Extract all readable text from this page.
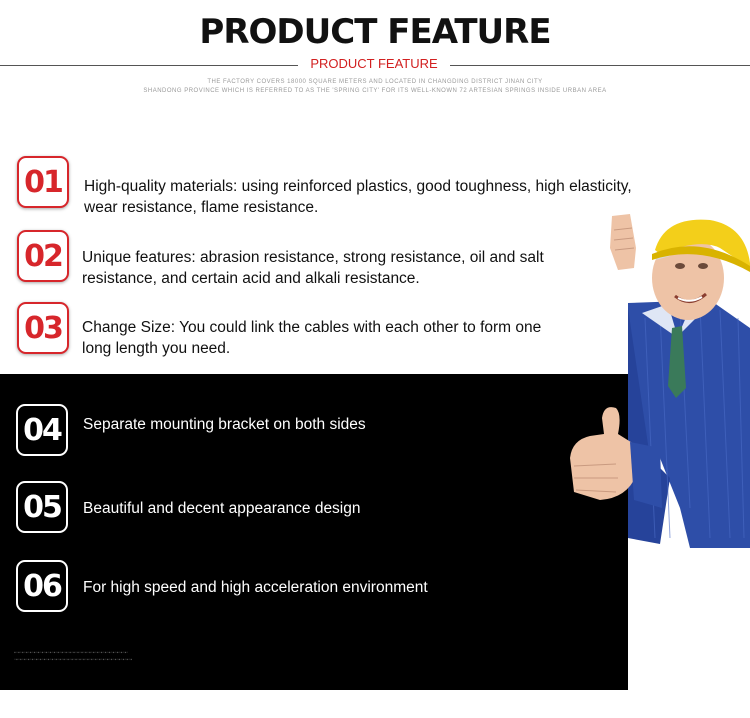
PRODUCT FEATURE
PRODUCT FEATURE
THE FACTORY COVERS 18000 SQUARE METERS AND LOCATED IN CHANGDING DISTRICT JINAN CITY
SHANDONG PROVINCE WHICH IS REFERRED TO AS THE 'SPRING CITY' FOR ITS WELL-KNOWN 72 ARTESIAN SPRINGS INSIDE URBAN AREA
01	High-quality materials: using reinforced plastics, good toughness, high elasticity, wear resistance, flame resistance.
02	Unique features: abrasion resistance, strong resistance, oil and salt resistance, and certain acid and alkali resistance.
03	Change Size: You could link the cables with each other to form one long length you need.
04	Separate mounting bracket on both sides
05	Beautiful and decent appearance design
06	For high speed and high acceleration environment
▪︎▫︎▪︎▫︎▪︎▫︎▪︎▫︎▪︎▫︎▪︎▫︎▪︎▫︎▪︎▫︎▪︎▫︎▪︎▫︎▪︎▫︎▪︎▫︎▪︎▫︎▪︎▫︎▪︎▫︎▪︎▫︎▪︎▫︎▪︎▫︎▪︎▫︎▪︎▫︎▪︎▫︎▪︎▫︎▪︎▫︎▪︎▫︎▪︎▫︎▪︎▫︎▪︎▫︎▪︎▫︎▪︎▫︎
▫︎▪︎▫︎▪︎▫︎▪︎▫︎▪︎▫︎▪︎▫︎▪︎▫︎▪︎▫︎▪︎▫︎▪︎▫︎▪︎▫︎▪︎▫︎▪︎▫︎▪︎▫︎▪︎▫︎▪︎▫︎▪︎▫︎▪︎▫︎▪︎▫︎▪︎▫︎▪︎▫︎▪︎▫︎▪︎▫︎▪︎▫︎▪︎▫︎▪︎▫︎▪︎▫︎▪︎▫︎▪︎▫︎▪︎▫︎▪︎
